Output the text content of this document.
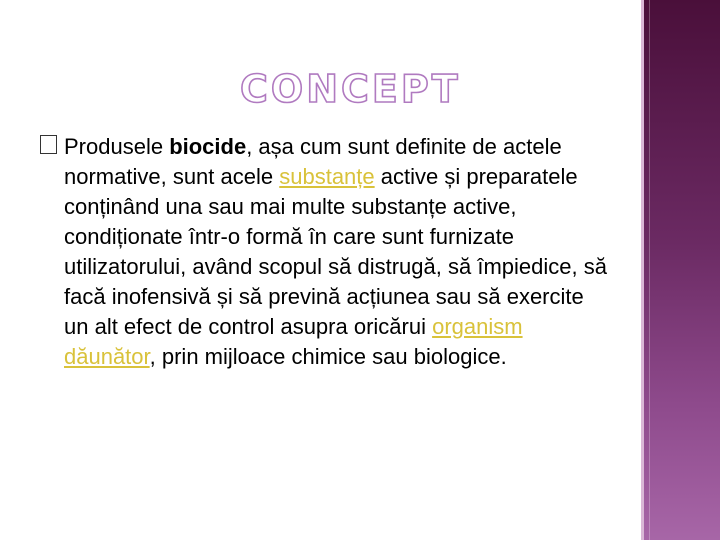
CONCEPT
Produsele biocide, așa cum sunt definite de actele normative, sunt acele substanțe active și preparatele conținând una sau mai multe substanțe active, condiționate într-o formă în care sunt furnizate utilizatorului, având scopul să distrugă, să împiedice, să facă inofensivă și să prevină acțiunea sau să exercite un alt efect de control asupra oricărui organism dăunător, prin mijloace chimice sau biologice.
